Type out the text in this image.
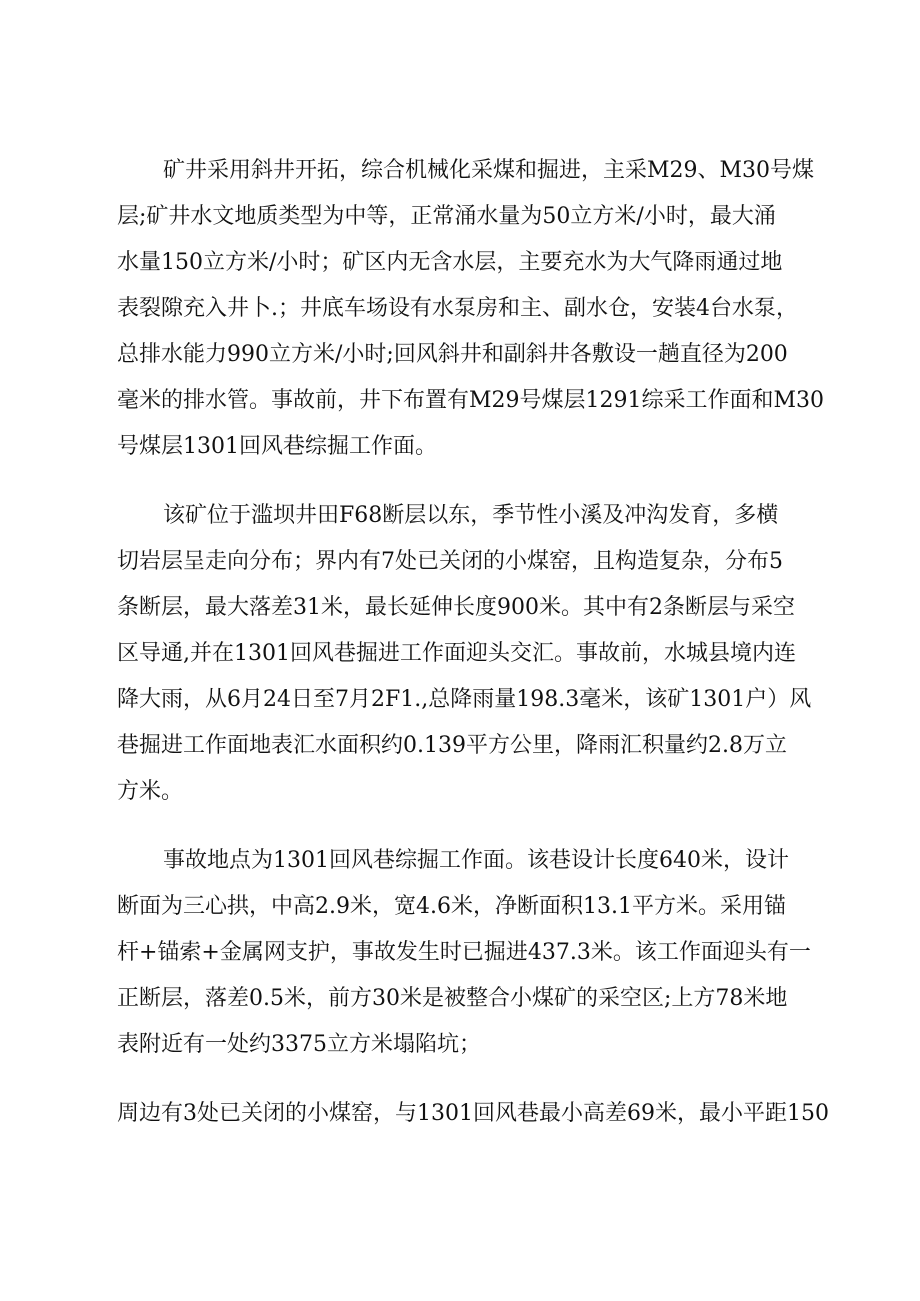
矿井采用斜井开拓，综合机械化采煤和掘进，主采M29、M30号煤
层;矿井水文地质类型为中等，正常涌水量为50立方米/小时，最大涌
水量150立方米/小时；矿区内无含水层，主要充水为大气降雨通过地
表裂隙充入井卜.；井底车场设有水泵房和主、副水仓，安装4台水泵，
总排水能力990立方米/小时;回风斜井和副斜井各敷设一趟直径为200
毫米的排水管。事故前，井下布置有M29号煤层1291综采工作面和M30
号煤层1301回风巷综掘工作面。
该矿位于滥坝井田F68断层以东，季节性小溪及冲沟发育，多横
切岩层呈走向分布；界内有7处已关闭的小煤窑，且构造复杂，分布5
条断层，最大落差31米，最长延伸长度900米。其中有2条断层与采空
区导通,并在1301回风巷掘进工作面迎头交汇。事故前，水城县境内连
降大雨，从6月24日至7月2F1.,总降雨量198.3毫米，该矿1301户）风
巷掘进工作面地表汇水面积约0.139平方公里，降雨汇积量约2.8万立
方米。
事故地点为1301回风巷综掘工作面。该巷设计长度640米，设计
断面为三心拱，中高2.9米，宽4.6米，净断面积13.1平方米。采用锚
杆+锚索+金属网支护，事故发生时已掘进437.3米。该工作面迎头有一
正断层，落差0.5米，前方30米是被整合小煤矿的采空区;上方78米地
表附近有一处约3375立方米塌陷坑；
周边有3处已关闭的小煤窑，与1301回风巷最小高差69米，最小平距150
